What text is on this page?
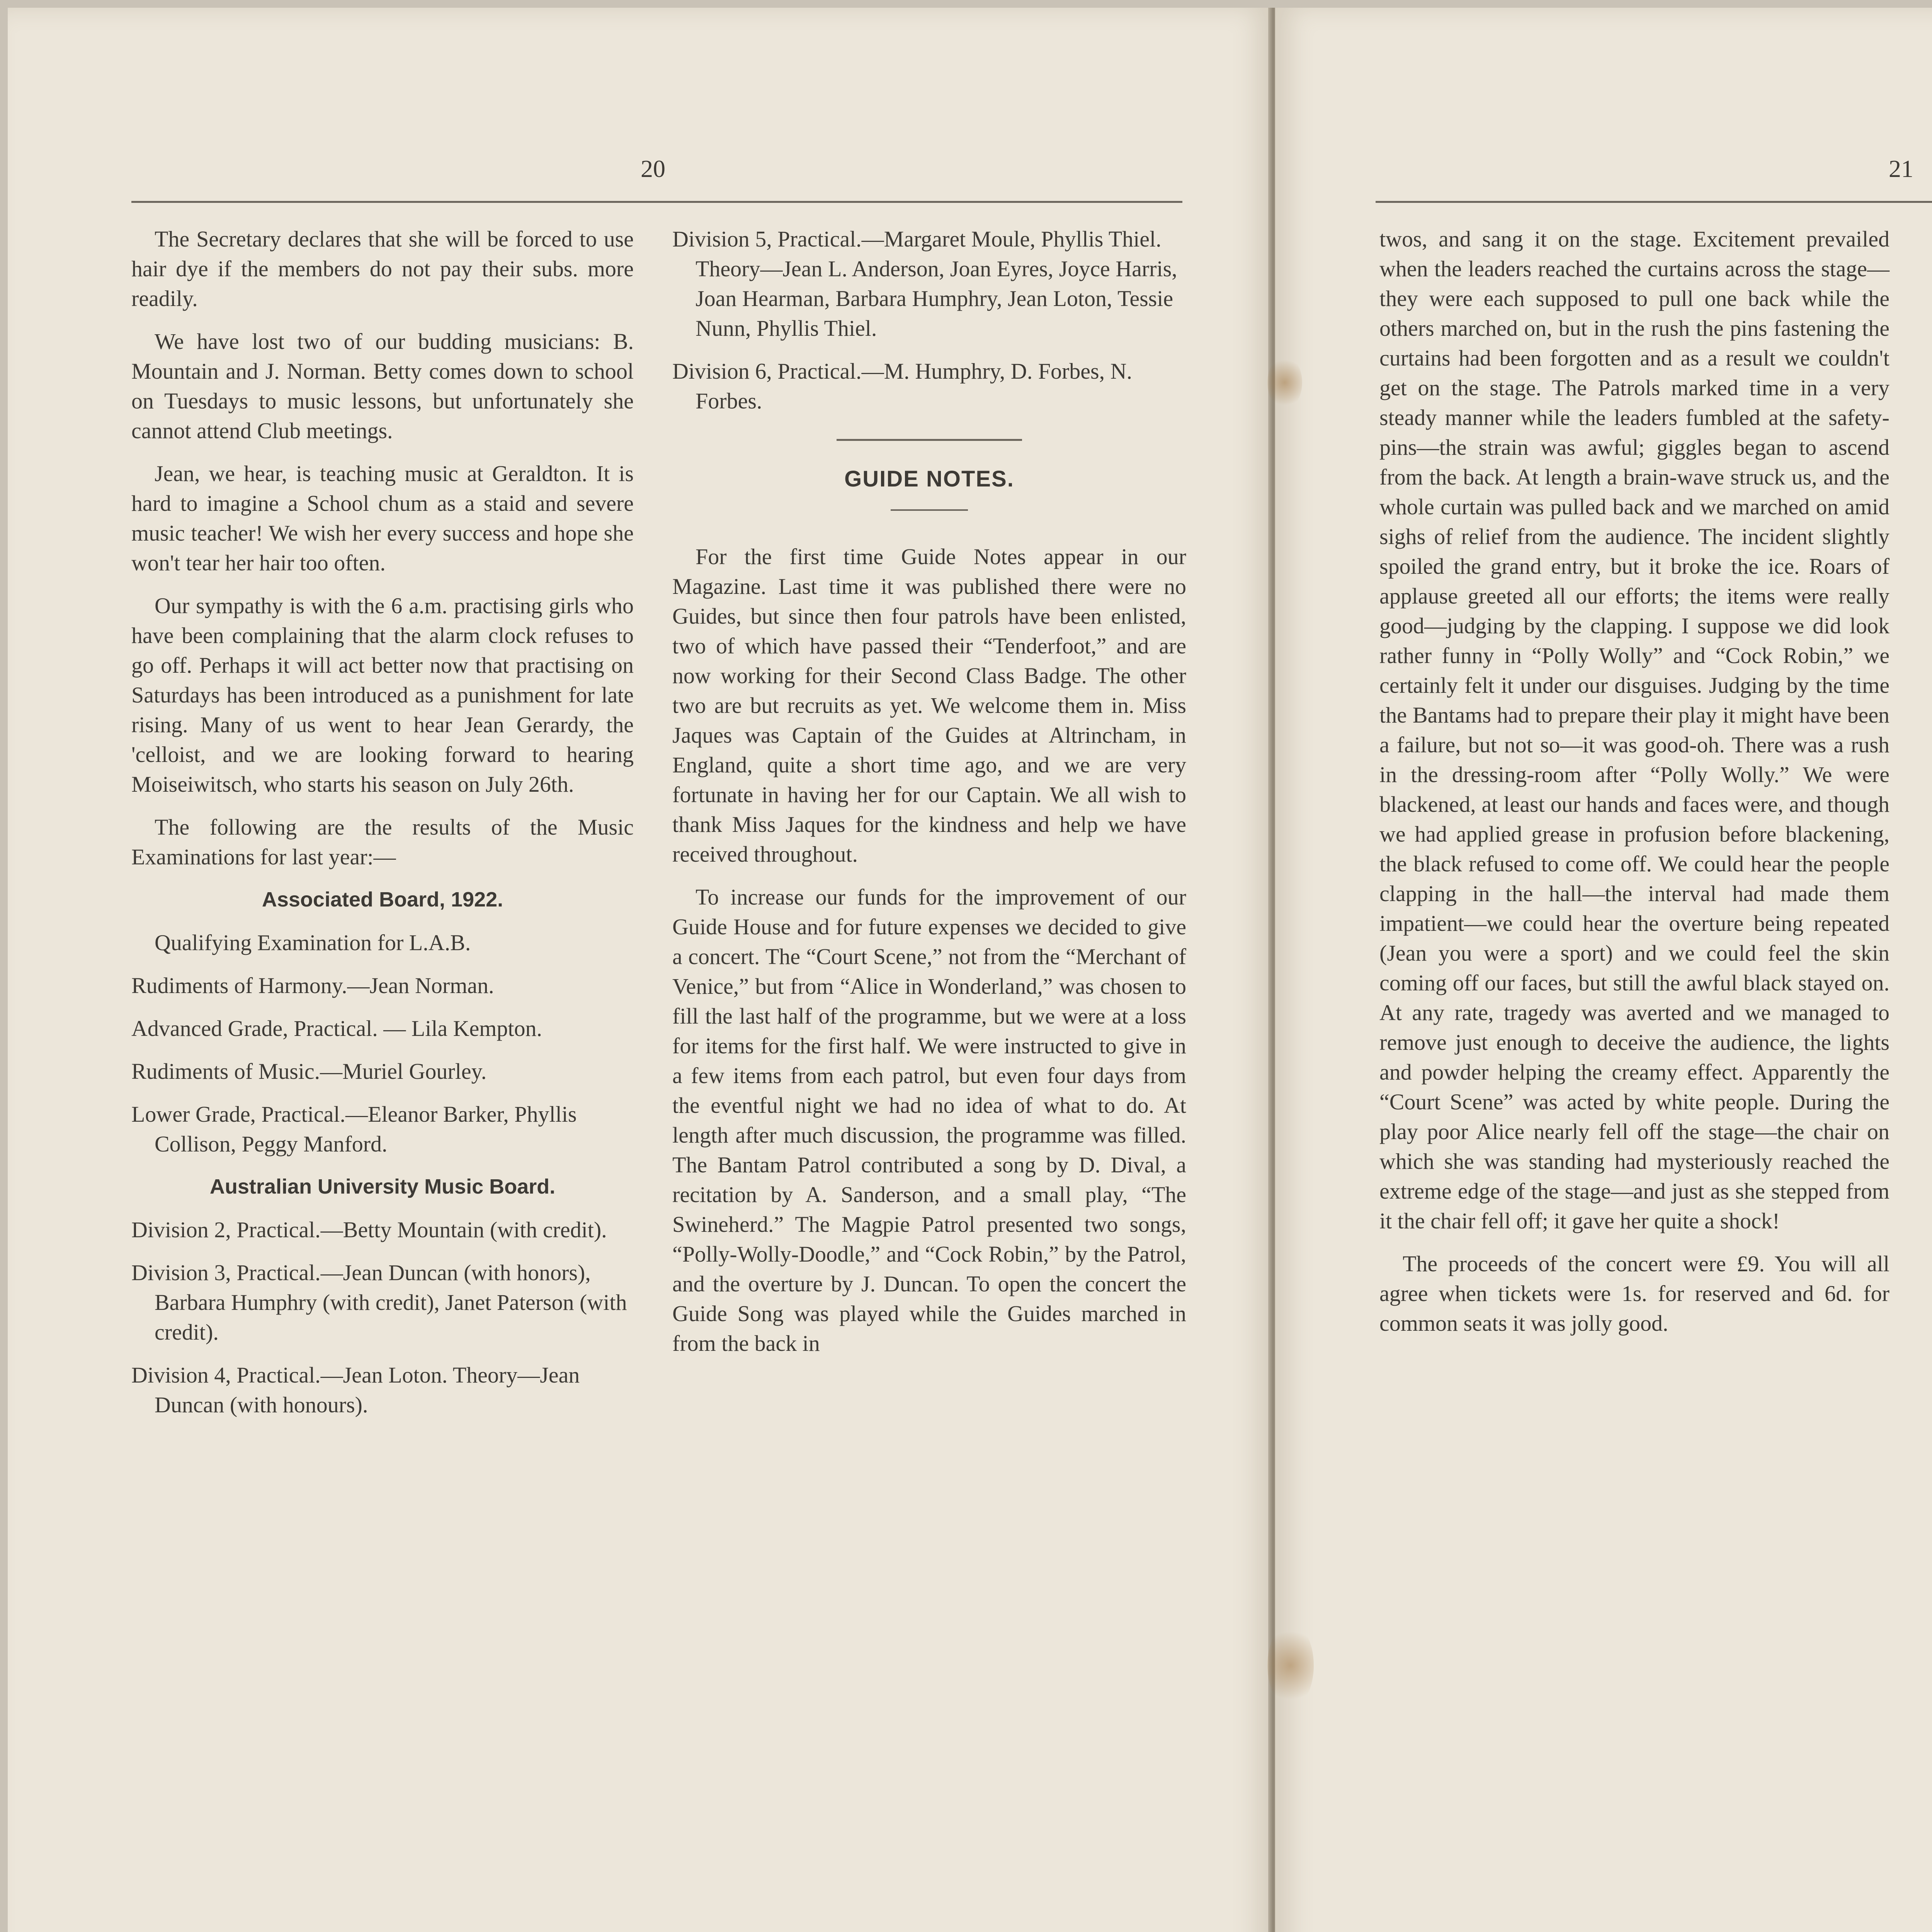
20

The Secretary declares that she will be forced to use hair dye if the members do not pay their subs. more readily.

We have lost two of our budding musicians: B. Mountain and J. Norman. Betty comes down to school on Tuesdays to music lessons, but unfortunately she cannot attend Club meetings.

Jean, we hear, is teaching music at Geraldton. It is hard to imagine a School chum as a staid and severe music teacher! We wish her every success and hope she won't tear her hair too often.

Our sympathy is with the 6 a.m. practising girls who have been complaining that the alarm clock refuses to go off. Perhaps it will act better now that practising on Saturdays has been introduced as a punishment for late rising. Many of us went to hear Jean Gerardy, the 'celloist, and we are looking forward to hearing Moiseiwitsch, who starts his season on July 26th.

The following are the results of the Music Examinations for last year:—

Associated Board, 1922.

Qualifying Examination for L.A.B.

Rudiments of Harmony.—Jean Norman.

Advanced Grade, Practical. — Lila Kempton.

Rudiments of Music.—Muriel Gourley.

Lower Grade, Practical.—Eleanor Barker, Phyllis Collison, Peggy Manford.

Australian University Music Board.

Division 2, Practical.—Betty Mountain (with credit).

Division 3, Practical.—Jean Duncan (with honors), Barbara Humphry (with credit), Janet Paterson (with credit).

Division 4, Practical.—Jean Loton. Theory—Jean Duncan (with honours).

Division 5, Practical.—Margaret Moule, Phyllis Thiel. Theory—Jean L. Anderson, Joan Eyres, Joyce Harris, Joan Hearman, Barbara Humphry, Jean Loton, Tessie Nunn, Phyllis Thiel.

Division 6, Practical.—M. Humphry, D. Forbes, N. Forbes.

GUIDE NOTES.

For the first time Guide Notes appear in our Magazine. Last time it was published there were no Guides, but since then four patrols have been enlisted, two of which have passed their “Tenderfoot,” and are now working for their Second Class Badge. The other two are but recruits as yet. We welcome them in. Miss Jaques was Captain of the Guides at Altrincham, in England, quite a short time ago, and we are very fortunate in having her for our Captain. We all wish to thank Miss Jaques for the kindness and help we have received throughout.

To increase our funds for the improvement of our Guide House and for future expenses we decided to give a concert. The “Court Scene,” not from the “Merchant of Venice,” but from “Alice in Wonderland,” was chosen to fill the last half of the programme, but we were at a loss for items for the first half. We were instructed to give in a few items from each patrol, but even four days from the eventful night we had no idea of what to do. At length after much discussion, the programme was filled. The Bantam Patrol contributed a song by D. Dival, a recitation by A. Sanderson, and a small play, “The Swineherd.” The Magpie Patrol presented two songs, “Polly-Wolly-Doodle,” and “Cock Robin,” by the Patrol, and the overture by J. Duncan. To open the concert the Guide Song was played while the Guides marched in from the back in

21

twos, and sang it on the stage. Excitement prevailed when the leaders reached the curtains across the stage—they were each supposed to pull one back while the others marched on, but in the rush the pins fastening the curtains had been forgotten and as a result we couldn't get on the stage. The Patrols marked time in a very steady manner while the leaders fumbled at the safety-pins—the strain was awful; giggles began to ascend from the back. At length a brain-wave struck us, and the whole curtain was pulled back and we marched on amid sighs of relief from the audience. The incident slightly spoiled the grand entry, but it broke the ice. Roars of applause greeted all our efforts; the items were really good—judging by the clapping. I suppose we did look rather funny in “Polly Wolly” and “Cock Robin,” we certainly felt it under our disguises. Judging by the time the Bantams had to prepare their play it might have been a failure, but not so—it was good-oh. There was a rush in the dressing-room after “Polly Wolly.” We were blackened, at least our hands and faces were, and though we had applied grease in profusion before blackening, the black refused to come off. We could hear the people clapping in the hall—the interval had made them impatient—we could hear the overture being repeated (Jean you were a sport) and we could feel the skin coming off our faces, but still the awful black stayed on. At any rate, tragedy was averted and we managed to remove just enough to deceive the audience, the lights and powder helping the creamy effect. Apparently the “Court Scene” was acted by white people. During the play poor Alice nearly fell off the stage—the chair on which she was standing had mysteriously reached the extreme edge of the stage—and just as she stepped from it the chair fell off; it gave her quite a shock!

The proceeds of the concert were £9. You will all agree when tickets were 1s. for reserved and 6d. for common seats it was jolly good.
